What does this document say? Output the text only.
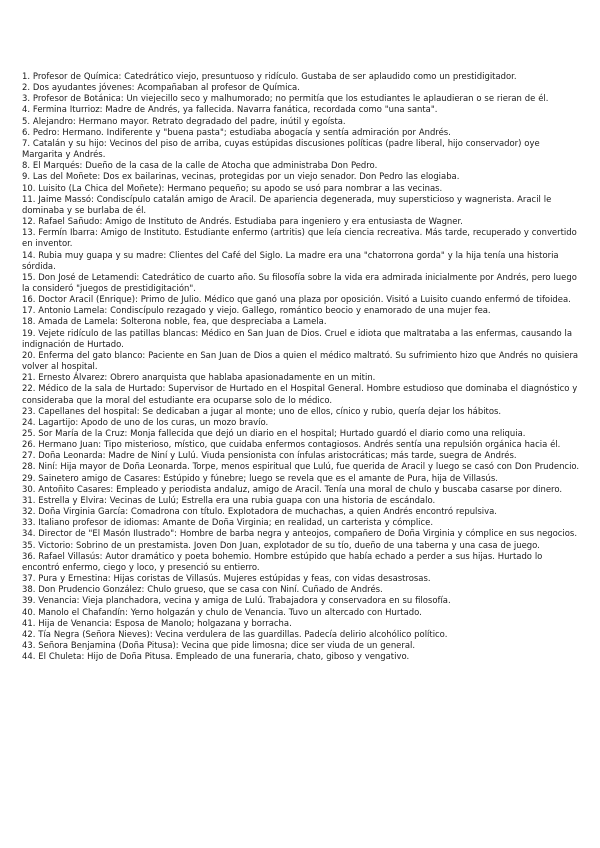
1. Profesor de Química: Catedrático viejo, presuntuoso y ridículo. Gustaba de ser aplaudido como un prestidigitador.

2. Dos ayudantes jóvenes: Acompañaban al profesor de Química.

3. Profesor de Botánica: Un viejecillo seco y malhumorado; no permitía que los estudiantes le aplaudieran o se rieran de él.

4. Fermina Iturrioz: Madre de Andrés, ya fallecida. Navarra fanática, recordada como "una santa".

5. Alejandro: Hermano mayor. Retrato degradado del padre, inútil y egoísta.

6. Pedro: Hermano. Indiferente y "buena pasta"; estudiaba abogacía y sentía admiración por Andrés.

7. Catalán y su hijo: Vecinos del piso de arriba, cuyas estúpidas discusiones políticas (padre liberal, hijo conservador) oye Margarita y Andrés.

8. El Marqués: Dueño de la casa de la calle de Atocha que administraba Don Pedro.

9. Las del Moñete: Dos ex bailarinas, vecinas, protegidas por un viejo senador. Don Pedro las elogiaba.

10. Luisito (La Chica del Moñete): Hermano pequeño; su apodo se usó para nombrar a las vecinas.

11. Jaime Massó: Condiscípulo catalán amigo de Aracil. De apariencia degenerada, muy supersticioso y wagnerista. Aracil le dominaba y se burlaba de él.

12. Rafael Sañudo: Amigo de Instituto de Andrés. Estudiaba para ingeniero y era entusiasta de Wagner.

13. Fermín Ibarra: Amigo de Instituto. Estudiante enfermo (artritis) que leía ciencia recreativa. Más tarde, recuperado y convertido en inventor.

14. Rubia muy guapa y su madre: Clientes del Café del Siglo. La madre era una "chatorrona gorda" y la hija tenía una historia sórdida.

15. Don José de Letamendi: Catedrático de cuarto año. Su filosofía sobre la vida era admirada inicialmente por Andrés, pero luego la consideró "juegos de prestidigitación".

16. Doctor Aracil (Enrique): Primo de Julio. Médico que ganó una plaza por oposición. Visitó a Luisito cuando enfermó de tifoidea.

17. Antonio Lamela: Condiscípulo rezagado y viejo. Gallego, romántico beocio y enamorado de una mujer fea.

18. Amada de Lamela: Solterona noble, fea, que despreciaba a Lamela.

19. Vejete ridículo de las patillas blancas: Médico en San Juan de Dios. Cruel e idiota que maltrataba a las enfermas, causando la indignación de Hurtado.

20. Enferma del gato blanco: Paciente en San Juan de Dios a quien el médico maltrató. Su sufrimiento hizo que Andrés no quisiera volver al hospital.

21. Ernesto Álvarez: Obrero anarquista que hablaba apasionadamente en un mitin.

22. Médico de la sala de Hurtado: Supervisor de Hurtado en el Hospital General. Hombre estudioso que dominaba el diagnóstico y consideraba que la moral del estudiante era ocuparse solo de lo médico.

23. Capellanes del hospital: Se dedicaban a jugar al monte; uno de ellos, cínico y rubio, quería dejar los hábitos.

24. Lagartijo: Apodo de uno de los curas, un mozo bravío.

25. Sor María de la Cruz: Monja fallecida que dejó un diario en el hospital; Hurtado guardó el diario como una reliquia.

26. Hermano Juan: Tipo misterioso, místico, que cuidaba enfermos contagiosos. Andrés sentía una repulsión orgánica hacia él.

27. Doña Leonarda: Madre de Niní y Lulú. Viuda pensionista con ínfulas aristocráticas; más tarde, suegra de Andrés.

28. Niní: Hija mayor de Doña Leonarda. Torpe, menos espiritual que Lulú, fue querida de Aracil y luego se casó con Don Prudencio.

29. Sainetero amigo de Casares: Estúpido y fúnebre; luego se revela que es el amante de Pura, hija de Villasús.

30. Antoñito Casares: Empleado y periodista andaluz, amigo de Aracil. Tenía una moral de chulo y buscaba casarse por dinero.

31. Estrella y Elvira: Vecinas de Lulú; Estrella era una rubia guapa con una historia de escándalo.

32. Doña Virginia García: Comadrona con título. Explotadora de muchachas, a quien Andrés encontró repulsiva.

33. Italiano profesor de idiomas: Amante de Doña Virginia; en realidad, un carterista y cómplice.

34. Director de "El Masón Ilustrado": Hombre de barba negra y anteojos, compañero de Doña Virginia y cómplice en sus negocios.

35. Victorio: Sobrino de un prestamista. Joven Don Juan, explotador de su tío, dueño de una taberna y una casa de juego.

36. Rafael Villasús: Autor dramático y poeta bohemio. Hombre estúpido que había echado a perder a sus hijas. Hurtado lo encontró enfermo, ciego y loco, y presenció su entierro.

37. Pura y Ernestina: Hijas coristas de Villasús. Mujeres estúpidas y feas, con vidas desastrosas.

38. Don Prudencio González: Chulo grueso, que se casa con Niní. Cuñado de Andrés.

39. Venancia: Vieja planchadora, vecina y amiga de Lulú. Trabajadora y conservadora en su filosofía.

40. Manolo el Chafandín: Yerno holgazán y chulo de Venancia. Tuvo un altercado con Hurtado.

41. Hija de Venancia: Esposa de Manolo; holgazana y borracha.

42. Tía Negra (Señora Nieves): Vecina verdulera de las guardillas. Padecía delirio alcohólico político.

43. Señora Benjamina (Doña Pitusa): Vecina que pide limosna; dice ser viuda de un general.

44. El Chuleta: Hijo de Doña Pitusa. Empleado de una funeraria, chato, giboso y vengativo.
